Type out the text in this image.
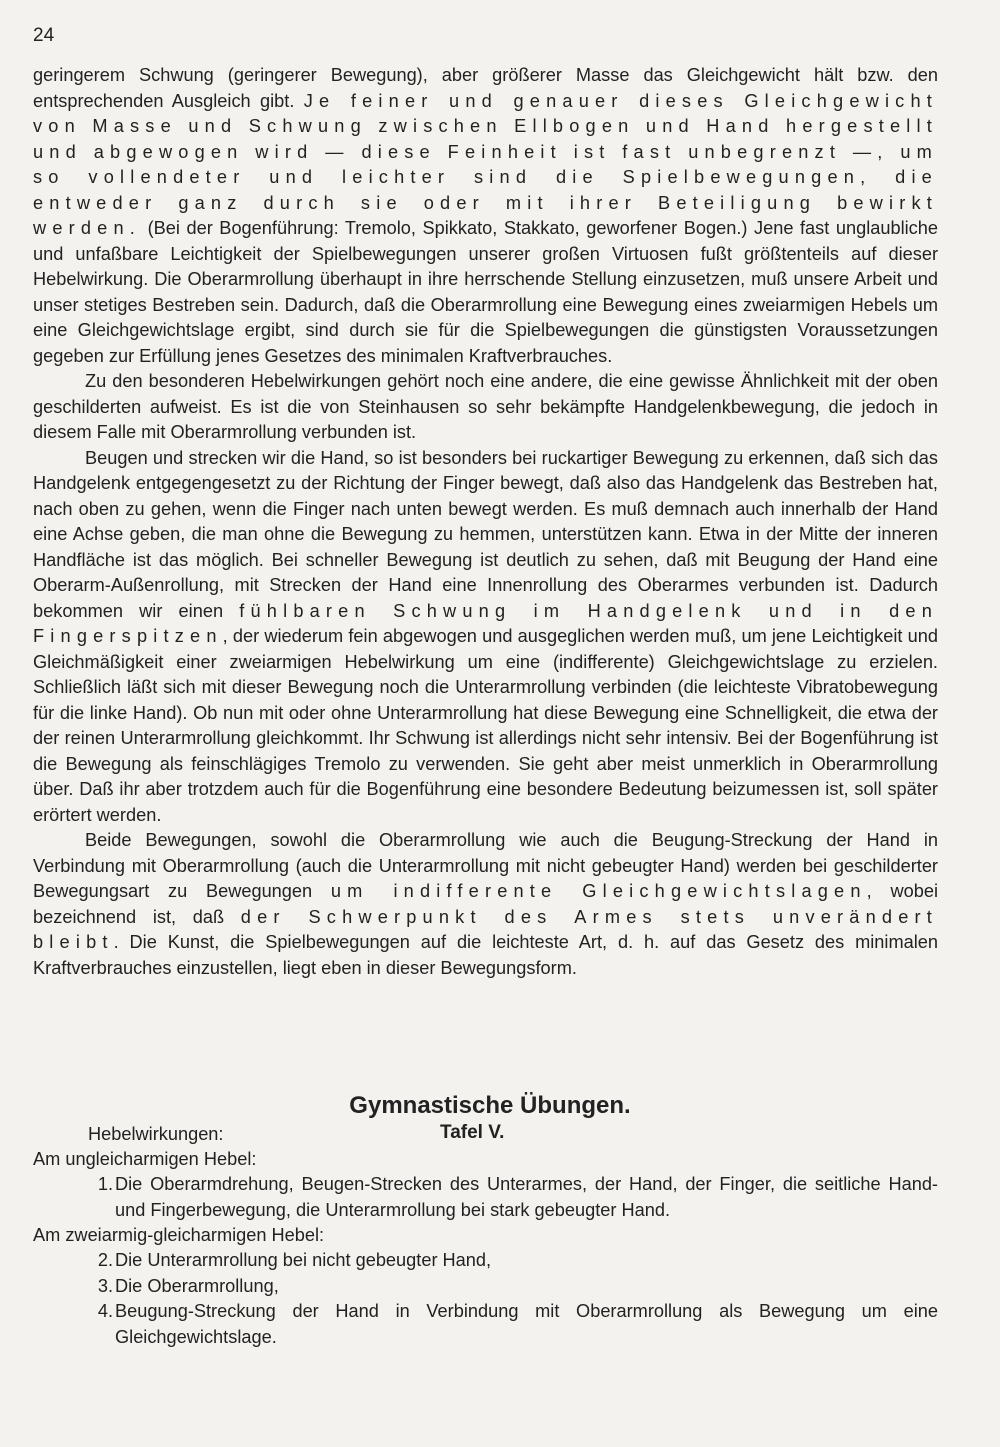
24

geringerem Schwung (geringerer Bewegung), aber größerer Masse das Gleichgewicht hält bzw. den entsprechenden Ausgleich gibt. Je feiner und genauer dieses Gleichgewicht von Masse und Schwung zwischen Ellbogen und Hand hergestellt und abgewogen wird — diese Feinheit ist fast unbegrenzt —, um so vollendeter und leichter sind die Spielbewegungen, die entweder ganz durch sie oder mit ihrer Beteiligung bewirkt werden. (Bei der Bogenführung: Tremolo, Spikkato, Stakkato, geworfener Bogen.) Jene fast unglaubliche und unfaßbare Leichtigkeit der Spielbewegungen unserer großen Virtuosen fußt größtenteils auf dieser Hebelwirkung. Die Oberarmrollung überhaupt in ihre herrschende Stellung einzusetzen, muß unsere Arbeit und unser stetiges Bestreben sein. Dadurch, daß die Oberarmrollung eine Bewegung eines zweiarmigen Hebels um eine Gleichgewichtslage ergibt, sind durch sie für die Spielbewegungen die günstigsten Voraussetzungen gegeben zur Erfüllung jenes Gesetzes des minimalen Kraftverbrauches.

Zu den besonderen Hebelwirkungen gehört noch eine andere, die eine gewisse Ähnlichkeit mit der oben geschilderten aufweist. Es ist die von Steinhausen so sehr bekämpfte Handgelenkbewegung, die jedoch in diesem Falle mit Oberarmrollung verbunden ist.

Beugen und strecken wir die Hand, so ist besonders bei ruckartiger Bewegung zu erkennen, daß sich das Handgelenk entgegengesetzt zu der Richtung der Finger bewegt, daß also das Handgelenk das Bestreben hat, nach oben zu gehen, wenn die Finger nach unten bewegt werden. Es muß demnach auch innerhalb der Hand eine Achse geben, die man ohne die Bewegung zu hemmen, unterstützen kann. Etwa in der Mitte der inneren Handfläche ist das möglich. Bei schneller Bewegung ist deutlich zu sehen, daß mit Beugung der Hand eine Oberarm-Außenrollung, mit Strecken der Hand eine Innenrollung des Oberarmes verbunden ist. Dadurch bekommen wir einen fühlbaren Schwung im Handgelenk und in den Fingerspitzen, der wiederum fein abgewogen und ausgeglichen werden muß, um jene Leichtigkeit und Gleichmäßigkeit einer zweiarmigen Hebelwirkung um eine (indifferente) Gleichgewichtslage zu erzielen. Schließlich läßt sich mit dieser Bewegung noch die Unterarmrollung verbinden (die leichteste Vibratobewegung für die linke Hand). Ob nun mit oder ohne Unterarmrollung hat diese Bewegung eine Schnelligkeit, die etwa der der reinen Unterarmrollung gleichkommt. Ihr Schwung ist allerdings nicht sehr intensiv. Bei der Bogenführung ist die Bewegung als feinschlägiges Tremolo zu verwenden. Sie geht aber meist unmerklich in Oberarmrollung über. Daß ihr aber trotzdem auch für die Bogenführung eine besondere Bedeutung beizumessen ist, soll später erörtert werden.

Beide Bewegungen, sowohl die Oberarmrollung wie auch die Beugung-Streckung der Hand in Verbindung mit Oberarmrollung (auch die Unterarmrollung mit nicht gebeugter Hand) werden bei geschilderter Bewegungsart zu Bewegungen um indifferente Gleichgewichtslagen, wobei bezeichnend ist, daß der Schwerpunkt des Armes stets unverändert bleibt. Die Kunst, die Spielbewegungen auf die leichteste Art, d. h. auf das Gesetz des minimalen Kraftverbrauches einzustellen, liegt eben in dieser Bewegungsform.

Gymnastische Übungen.
Hebelwirkungen:	Tafel V.
Am ungleicharmigen Hebel:
1. Die Oberarmdrehung, Beugen-Strecken des Unterarmes, der Hand, der Finger, die seitliche Hand- und Fingerbewegung, die Unterarmrollung bei stark gebeugter Hand.
Am zweiarmig-gleicharmigen Hebel:
2. Die Unterarmrollung bei nicht gebeugter Hand,
3. Die Oberarmrollung,
4. Beugung-Streckung der Hand in Verbindung mit Oberarmrollung als Bewegung um eine Gleichgewichtslage.
